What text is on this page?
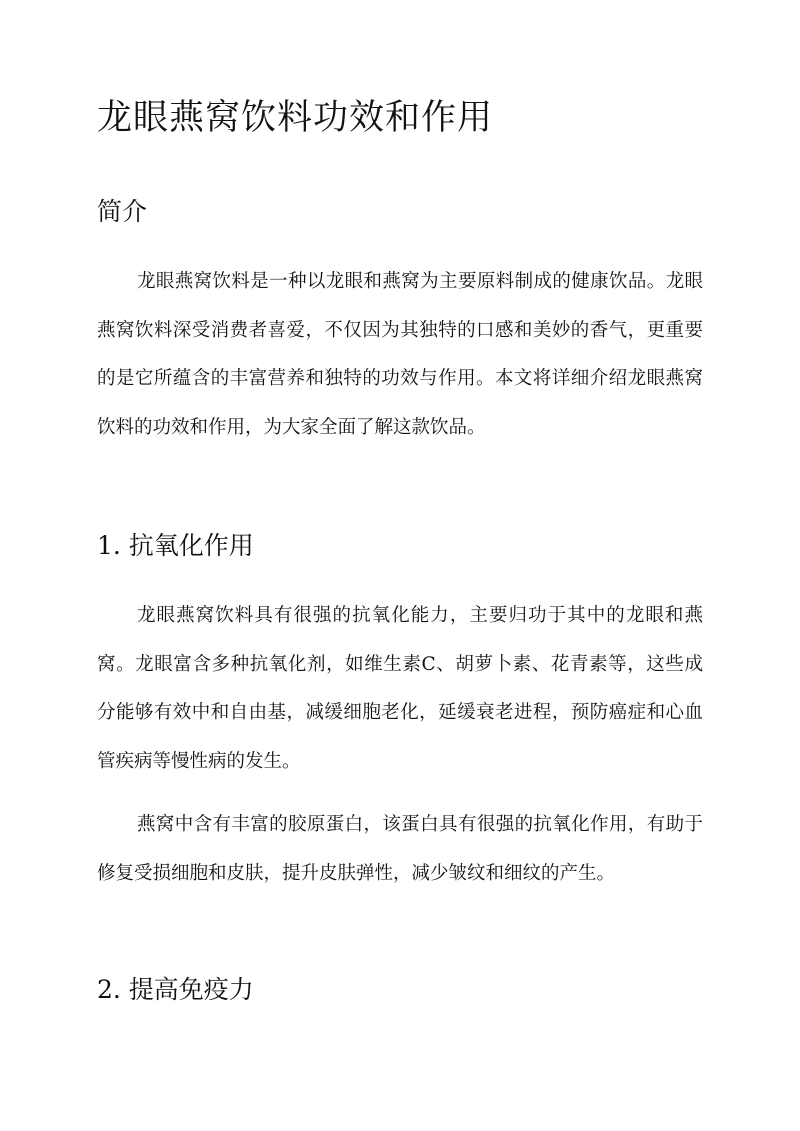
龙眼燕窝饮料功效和作用
简介

龙眼燕窝饮料是一种以龙眼和燕窝为主要原料制成的健康饮品。龙眼燕窝饮料深受消费者喜爱，不仅因为其独特的口感和美妙的香气，更重要的是它所蕴含的丰富营养和独特的功效与作用。本文将详细介绍龙眼燕窝饮料的功效和作用，为大家全面了解这款饮品。

1. 抗氧化作用

龙眼燕窝饮料具有很强的抗氧化能力，主要归功于其中的龙眼和燕窝。龙眼富含多种抗氧化剂，如维生素C、胡萝卜素、花青素等，这些成分能够有效中和自由基，减缓细胞老化，延缓衰老进程，预防癌症和心血管疾病等慢性病的发生。

燕窝中含有丰富的胶原蛋白，该蛋白具有很强的抗氧化作用，有助于修复受损细胞和皮肤，提升皮肤弹性，减少皱纹和细纹的产生。

2. 提高免疫力
